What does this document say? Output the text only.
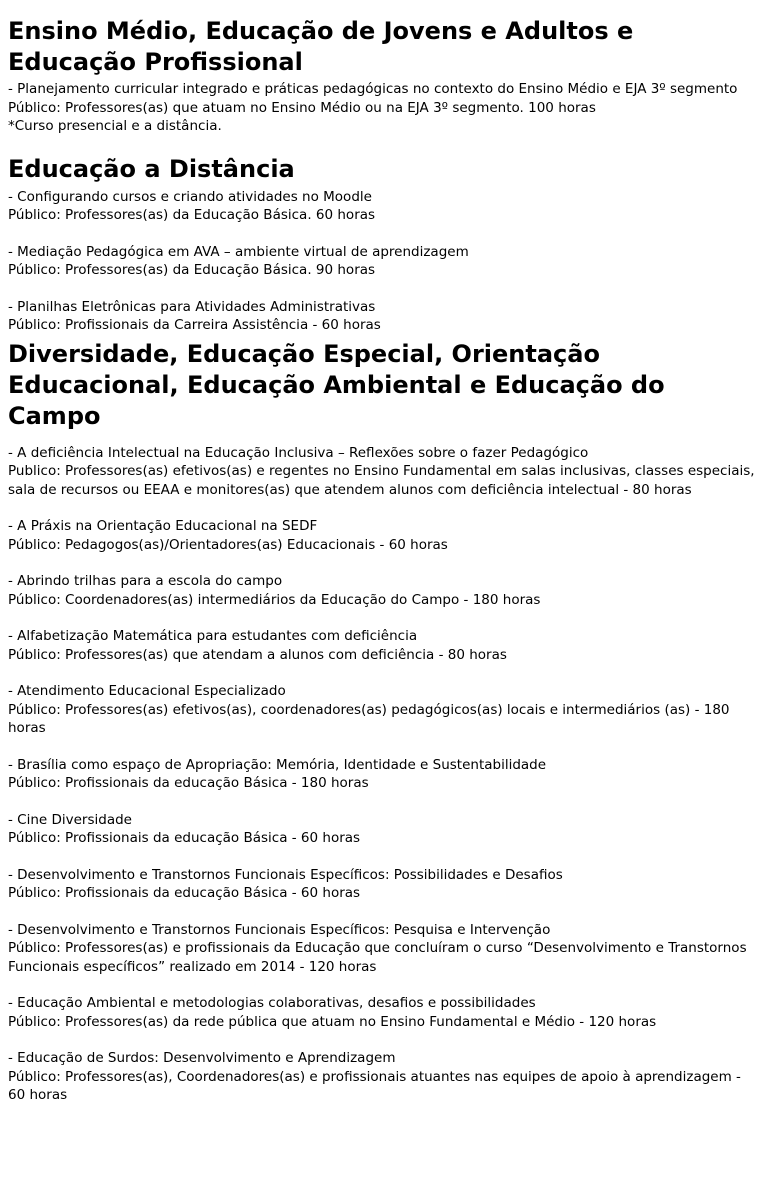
Ensino Médio, Educação de Jovens e Adultos e Educação Profissional
- Planejamento curricular integrado e práticas pedagógicas no contexto do Ensino Médio e EJA 3º segmento
Público: Professores(as) que atuam no Ensino Médio ou na EJA 3º segmento. 100 horas
*Curso presencial e a distância.
Educação a Distância
- Configurando cursos e criando atividades no Moodle
Público: Professores(as) da Educação Básica. 60 horas
- Mediação Pedagógica em AVA – ambiente virtual de aprendizagem
Público: Professores(as) da Educação Básica. 90 horas
- Planilhas Eletrônicas para Atividades Administrativas
Público: Profissionais da Carreira Assistência - 60 horas
Diversidade, Educação Especial, Orientação Educacional, Educação Ambiental e Educação do Campo
- A deficiência Intelectual na Educação Inclusiva – Reflexões sobre o fazer Pedagógico
Publico: Professores(as) efetivos(as) e regentes no Ensino Fundamental em salas inclusivas, classes especiais, sala de recursos ou EEAA e monitores(as) que atendem alunos com deficiência intelectual - 80 horas
- A Práxis na Orientação Educacional na SEDF
Público: Pedagogos(as)/Orientadores(as) Educacionais - 60 horas
- Abrindo trilhas para a escola do campo
Público: Coordenadores(as) intermediários da Educação do Campo - 180 horas
- Alfabetização Matemática para estudantes com deficiência
Público: Professores(as) que atendam a alunos com deficiência - 80 horas
- Atendimento Educacional Especializado
Público: Professores(as) efetivos(as), coordenadores(as) pedagógicos(as) locais e intermediários (as) - 180 horas
- Brasília como espaço de Apropriação: Memória, Identidade e Sustentabilidade
Público: Profissionais da educação Básica - 180 horas
- Cine Diversidade
Público: Profissionais da educação Básica - 60 horas
- Desenvolvimento e Transtornos Funcionais Específicos: Possibilidades e Desafios
Público: Profissionais da educação Básica - 60 horas
- Desenvolvimento e Transtornos Funcionais Específicos: Pesquisa e Intervenção
Público: Professores(as) e profissionais da Educação que concluíram o curso “Desenvolvimento e Transtornos Funcionais específicos” realizado em 2014 - 120 horas
- Educação Ambiental e metodologias colaborativas, desafios e possibilidades
Público: Professores(as) da rede pública que atuam no Ensino Fundamental e Médio - 120 horas
- Educação de Surdos: Desenvolvimento e Aprendizagem
Público: Professores(as), Coordenadores(as) e profissionais atuantes nas equipes de apoio à aprendizagem - 60 horas
